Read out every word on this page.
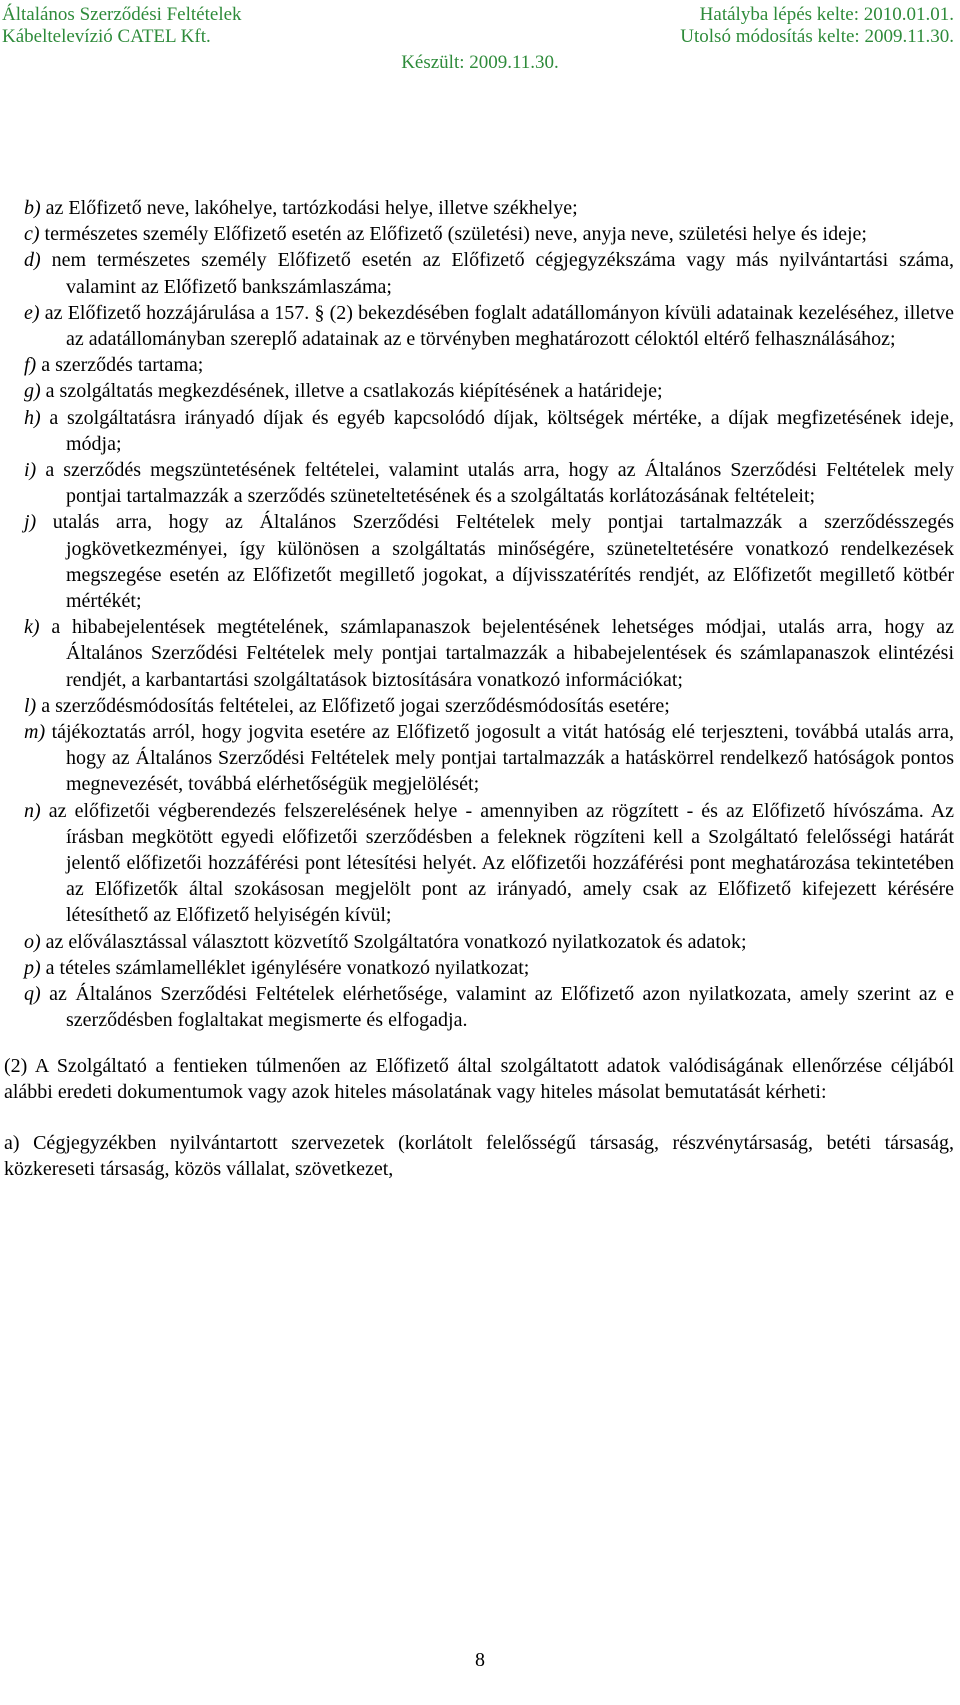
Általános Szerződési Feltételek
Kábeltelevízió CATEL Kft.
Hatályba lépés kelte: 2010.01.01.
Utolsó módosítás kelte: 2009.11.30.
Készült: 2009.11.30.

b) az Előfizető neve, lakóhelye, tartózkodási helye, illetve székhelye;

c) természetes személy Előfizető esetén az Előfizető (születési) neve, anyja neve, születési helye és ideje;

d) nem természetes személy Előfizető esetén az Előfizető cégjegyzékszáma vagy más nyilvántartási száma, valamint az Előfizető bankszámlaszáma;

e) az Előfizető hozzájárulása a 157. § (2) bekezdésében foglalt adatállományon kívüli adatainak kezeléséhez, illetve az adatállományban szereplő adatainak az e törvényben meghatározott céloktól eltérő felhasználásához;

f) a szerződés tartama;

g) a szolgáltatás megkezdésének, illetve a csatlakozás kiépítésének a határideje;

h) a szolgáltatásra irányadó díjak és egyéb kapcsolódó díjak, költségek mértéke, a díjak megfizetésének ideje, módja;

i) a szerződés megszüntetésének feltételei, valamint utalás arra, hogy az Általános Szerződési Feltételek mely pontjai tartalmazzák a szerződés szüneteltetésének és a szolgáltatás korlátozásának feltételeit;

j) utalás arra, hogy az Általános Szerződési Feltételek mely pontjai tartalmazzák a szerződésszegés jogkövetkezményei, így különösen a szolgáltatás minőségére, szüneteltetésére vonatkozó rendelkezések megszegése esetén az Előfizetőt megillető jogokat, a díjvisszatérítés rendjét, az Előfizetőt megillető kötbér mértékét;

k) a hibabejelentések megtételének, számlapanaszok bejelentésének lehetséges módjai, utalás arra, hogy az Általános Szerződési Feltételek mely pontjai tartalmazzák a hibabejelentések és számlapanaszok elintézési rendjét, a karbantartási szolgáltatások biztosítására vonatkozó információkat;

l) a szerződésmódosítás feltételei, az Előfizető jogai szerződésmódosítás esetére;

m) tájékoztatás arról, hogy jogvita esetére az Előfizető jogosult a vitát hatóság elé terjeszteni, továbbá utalás arra, hogy az Általános Szerződési Feltételek mely pontjai tartalmazzák a hatáskörrel rendelkező hatóságok pontos megnevezését, továbbá elérhetőségük megjelölését;

n) az előfizetői végberendezés felszerelésének helye - amennyiben az rögzített - és az Előfizető hívószáma. Az írásban megkötött egyedi előfizetői szerződésben a feleknek rögzíteni kell a Szolgáltató felelősségi határát jelentő előfizetői hozzáférési pont létesítési helyét. Az előfizetői hozzáférési pont meghatározása tekintetében az Előfizetők által szokásosan megjelölt pont az irányadó, amely csak az Előfizető kifejezett kérésére létesíthető az Előfizető helyiségén kívül;

o) az előválasztással választott közvetítő Szolgáltatóra vonatkozó nyilatkozatok és adatok;

p) a tételes számlamelléklet igénylésére vonatkozó nyilatkozat;

q) az Általános Szerződési Feltételek elérhetősége, valamint az Előfizető azon nyilatkozata, amely szerint az e szerződésben foglaltakat megismerte és elfogadja.

(2) A Szolgáltató a fentieken túlmenően az Előfizető által szolgáltatott adatok valódiságának ellenőrzése céljából alábbi eredeti dokumentumok vagy azok hiteles másolatának vagy hiteles másolat bemutatását kérheti:

a) Cégjegyzékben nyilvántartott szervezetek (korlátolt felelősségű társaság, részvénytársaság, betéti társaság, közkereseti társaság, közös vállalat, szövetkezet,

8
